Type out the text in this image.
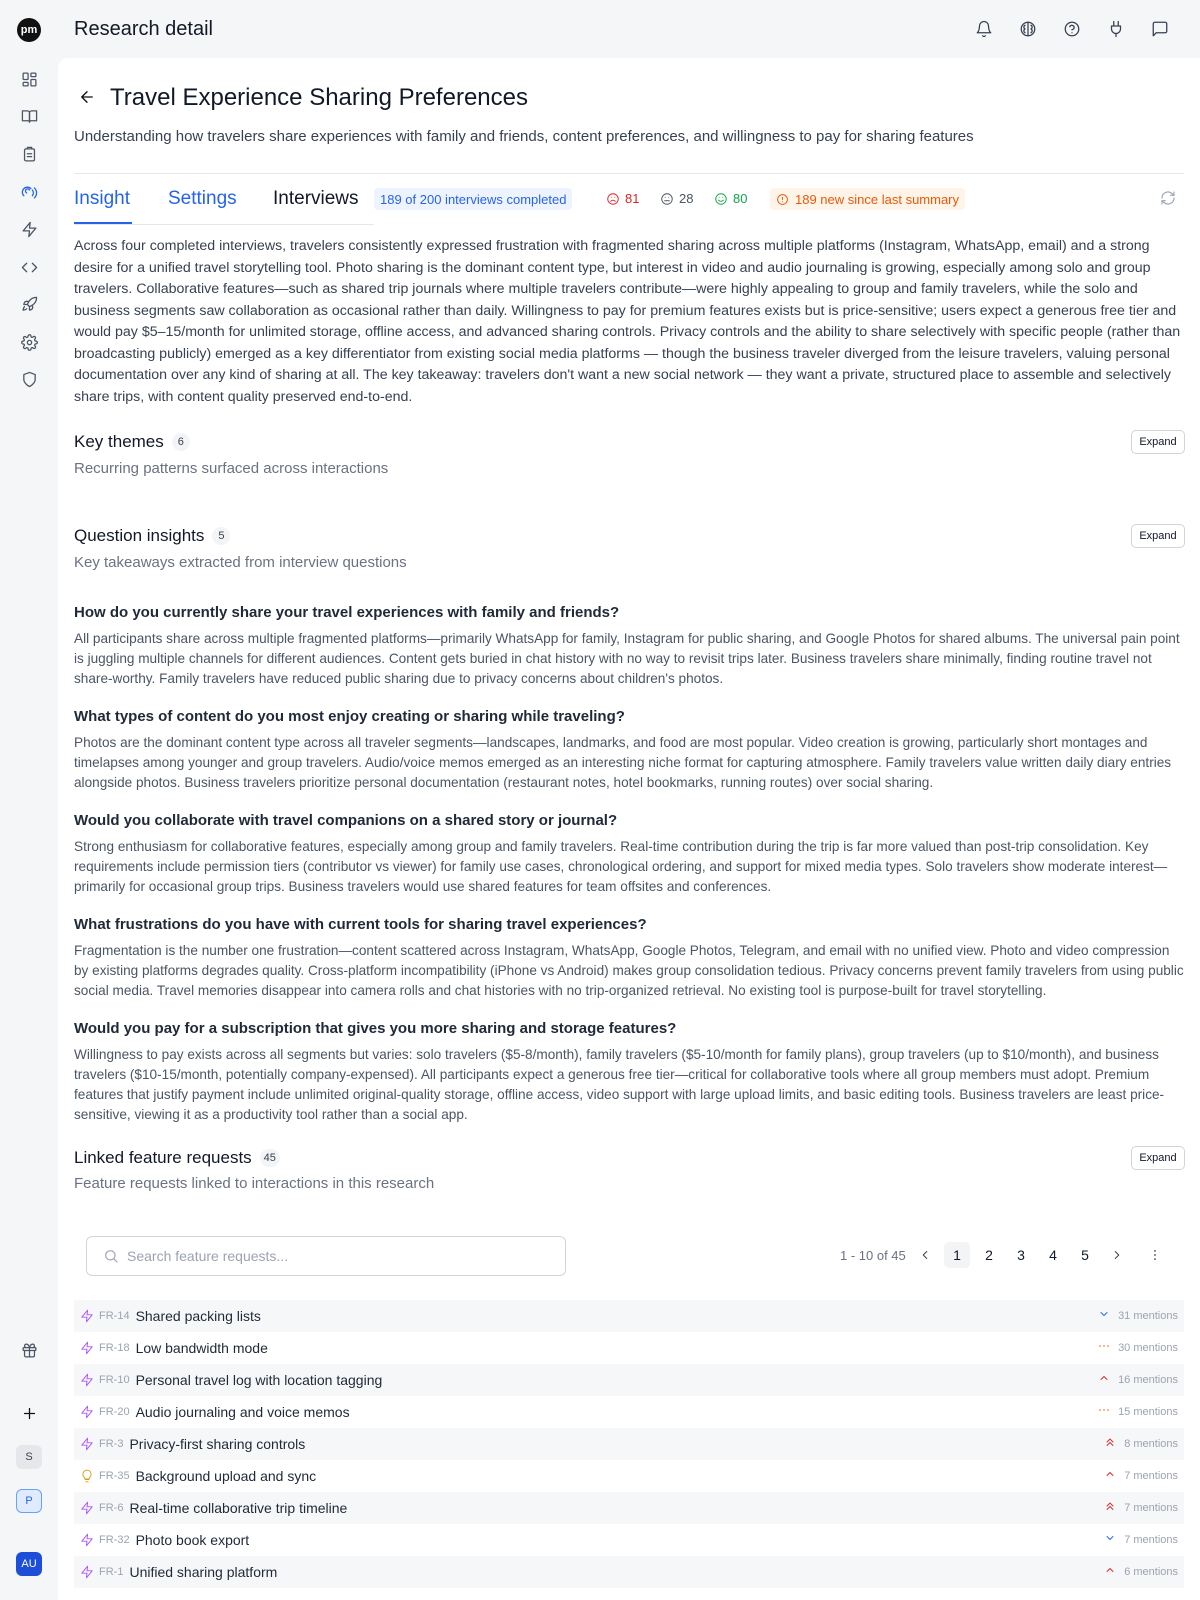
pm
S
P
AU
Research detail
Travel Experience Sharing Preferences
Understanding how travelers share experiences with family and friends, content preferences, and willingness to pay for sharing features
Insight Settings Interviews	189 of 200 interviews completed	81	28	80	189 new since last summary
Across four completed interviews, travelers consistently expressed frustration with fragmented sharing across multiple platforms (Instagram, WhatsApp, email) and a strong desire for a unified travel storytelling tool. Photo sharing is the dominant content type, but interest in video and audio journaling is growing, especially among solo and group travelers. Collaborative features—such as shared trip journals where multiple travelers contribute—were highly appealing to group and family travelers, while the solo and business segments saw collaboration as occasional rather than daily. Willingness to pay for premium features exists but is price-sensitive; users expect a generous free tier and would pay $5–15/month for unlimited storage, offline access, and advanced sharing controls. Privacy controls and the ability to share selectively with specific people (rather than broadcasting publicly) emerged as a key differentiator from existing social media platforms — though the business traveler diverged from the leisure travelers, valuing personal documentation over any kind of sharing at all. The key takeaway: travelers don't want a new social network — they want a private, structured place to assemble and selectively share trips, with content quality preserved end-to-end.
Key themes	6	Expand
Recurring patterns surfaced across interactions
Question insights	5	Expand
Key takeaways extracted from interview questions
How do you currently share your travel experiences with family and friends?
All participants share across multiple fragmented platforms—primarily WhatsApp for family, Instagram for public sharing, and Google Photos for shared albums. The universal pain point is juggling multiple channels for different audiences. Content gets buried in chat history with no way to revisit trips later. Business travelers share minimally, finding routine travel not share-worthy. Family travelers have reduced public sharing due to privacy concerns about children's photos.
What types of content do you most enjoy creating or sharing while traveling?
Photos are the dominant content type across all traveler segments—landscapes, landmarks, and food are most popular. Video creation is growing, particularly short montages and timelapses among younger and group travelers. Audio/voice memos emerged as an interesting niche format for capturing atmosphere. Family travelers value written daily diary entries alongside photos. Business travelers prioritize personal documentation (restaurant notes, hotel bookmarks, running routes) over social sharing.
Would you collaborate with travel companions on a shared story or journal?
Strong enthusiasm for collaborative features, especially among group and family travelers. Real-time contribution during the trip is far more valued than post-trip consolidation. Key requirements include permission tiers (contributor vs viewer) for family use cases, chronological ordering, and support for mixed media types. Solo travelers show moderate interest—primarily for occasional group trips. Business travelers would use shared features for team offsites and conferences.
What frustrations do you have with current tools for sharing travel experiences?
Fragmentation is the number one frustration—content scattered across Instagram, WhatsApp, Google Photos, Telegram, and email with no unified view. Photo and video compression by existing platforms degrades quality. Cross-platform incompatibility (iPhone vs Android) makes group consolidation tedious. Privacy concerns prevent family travelers from using public social media. Travel memories disappear into camera rolls and chat histories with no trip-organized retrieval. No existing tool is purpose-built for travel storytelling.
Would you pay for a subscription that gives you more sharing and storage features?
Willingness to pay exists across all segments but varies: solo travelers ($5-8/month), family travelers ($5-10/month for family plans), group travelers (up to $10/month), and business travelers ($10-15/month, potentially company-expensed). All participants expect a generous free tier—critical for collaborative tools where all group members must adopt. Premium features that justify payment include unlimited original-quality storage, offline access, video support with large upload limits, and basic editing tools. Business travelers are least price-sensitive, viewing it as a productivity tool rather than a social app.
Linked feature requests	45	Expand
Feature requests linked to interactions in this research
Search feature requests...
1 - 10 of 45	1	2	3	4	5
FR-14 Shared packing lists	31 mentions
FR-18 Low bandwidth mode	30 mentions
FR-10 Personal travel log with location tagging	16 mentions
FR-20 Audio journaling and voice memos	15 mentions
FR-3 Privacy-first sharing controls	8 mentions
FR-35 Background upload and sync	7 mentions
FR-6 Real-time collaborative trip timeline	7 mentions
FR-32 Photo book export	7 mentions
FR-1 Unified sharing platform	6 mentions
